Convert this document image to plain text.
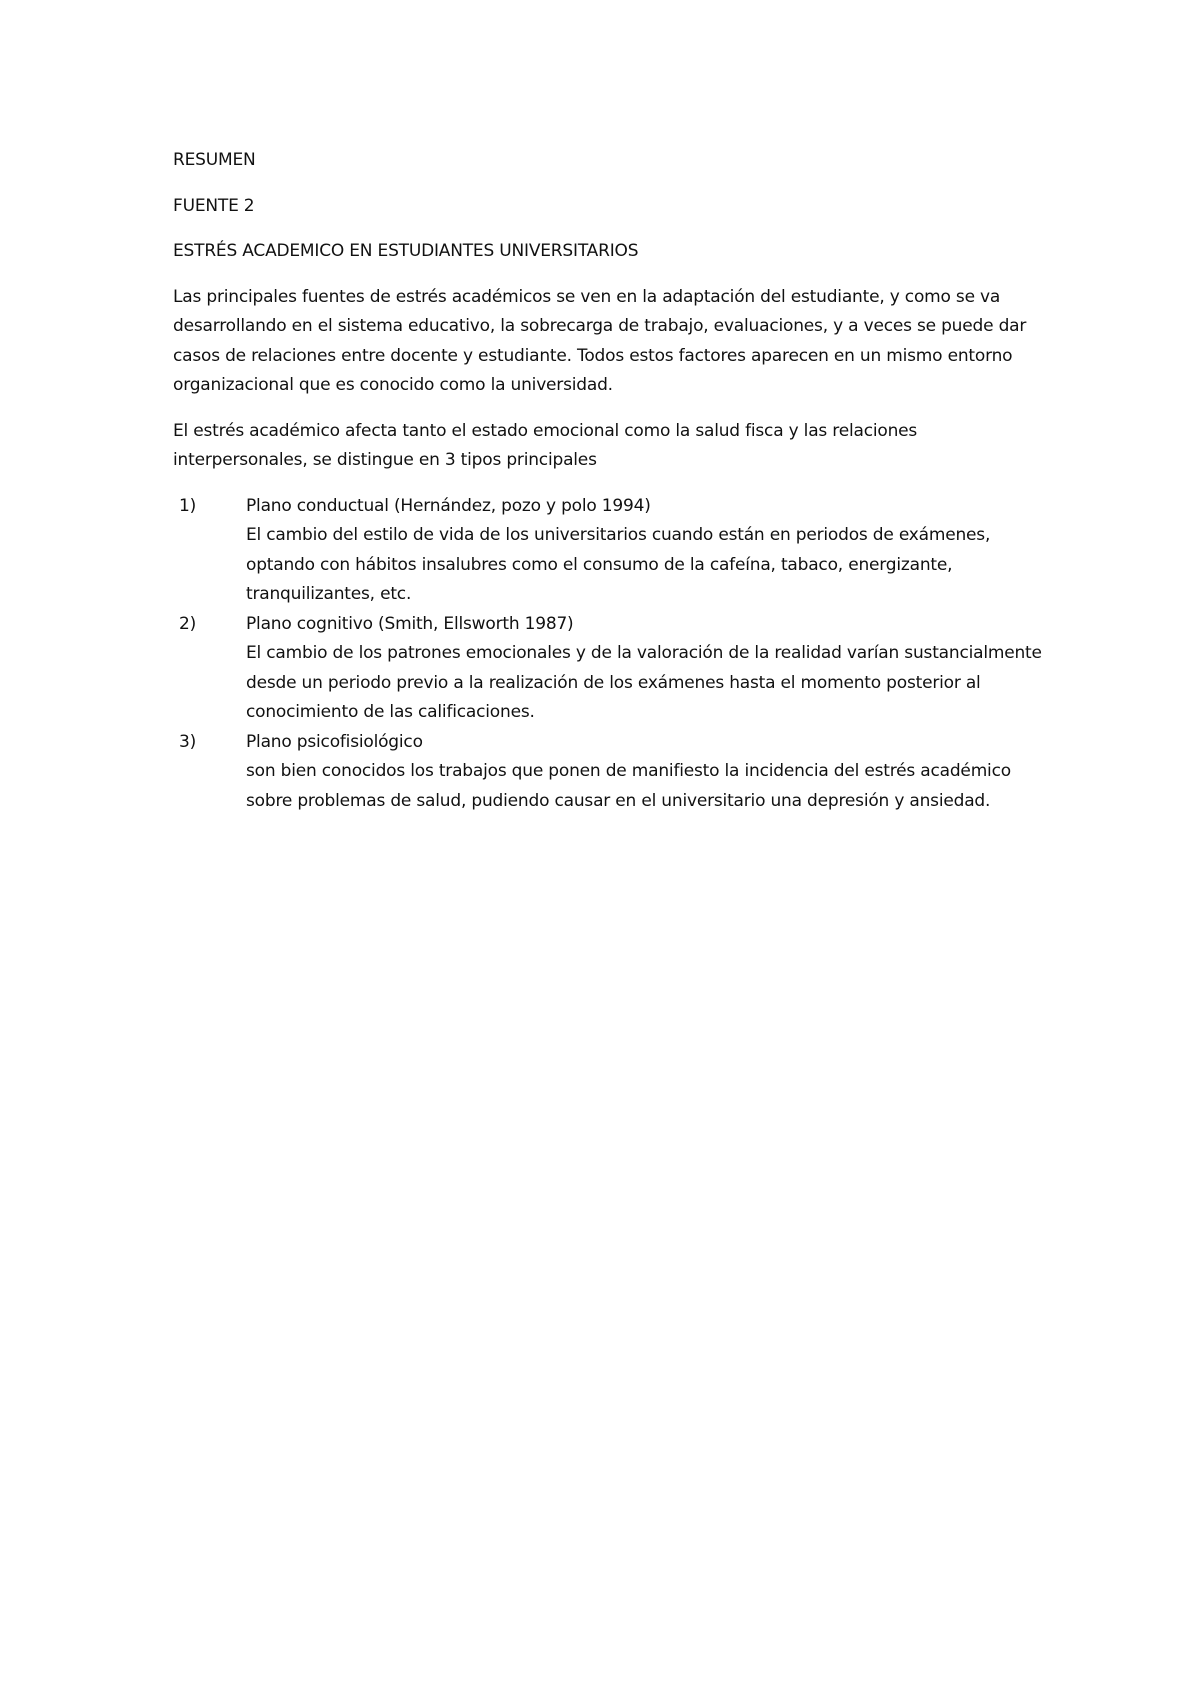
RESUMEN

FUENTE 2

ESTRÉS ACADEMICO EN ESTUDIANTES UNIVERSITARIOS

Las principales fuentes de estrés académicos se ven en la adaptación del estudiante, y como se va desarrollando en el sistema educativo, la sobrecarga de trabajo, evaluaciones, y a veces se puede dar casos de relaciones entre docente y estudiante. Todos estos factores aparecen en un mismo entorno organizacional que es conocido como la universidad.

El estrés académico afecta tanto el estado emocional como la salud fisca y las relaciones interpersonales, se distingue en 3 tipos principales

1)	Plano conductual (Hernández, pozo y polo 1994)

El cambio del estilo de vida de los universitarios cuando están en periodos de exámenes, optando con hábitos insalubres como el consumo de la cafeína, tabaco, energizante, tranquilizantes, etc.

2)	Plano cognitivo (Smith, Ellsworth 1987)

El cambio de los patrones emocionales y de la valoración de la realidad varían sustancialmente desde un periodo previo a la realización de los exámenes hasta el momento posterior al conocimiento de las calificaciones.

3)	Plano psicofisiológico

son bien conocidos los trabajos que ponen de manifiesto la incidencia del estrés académico sobre problemas de salud, pudiendo causar en el universitario una depresión y ansiedad.
